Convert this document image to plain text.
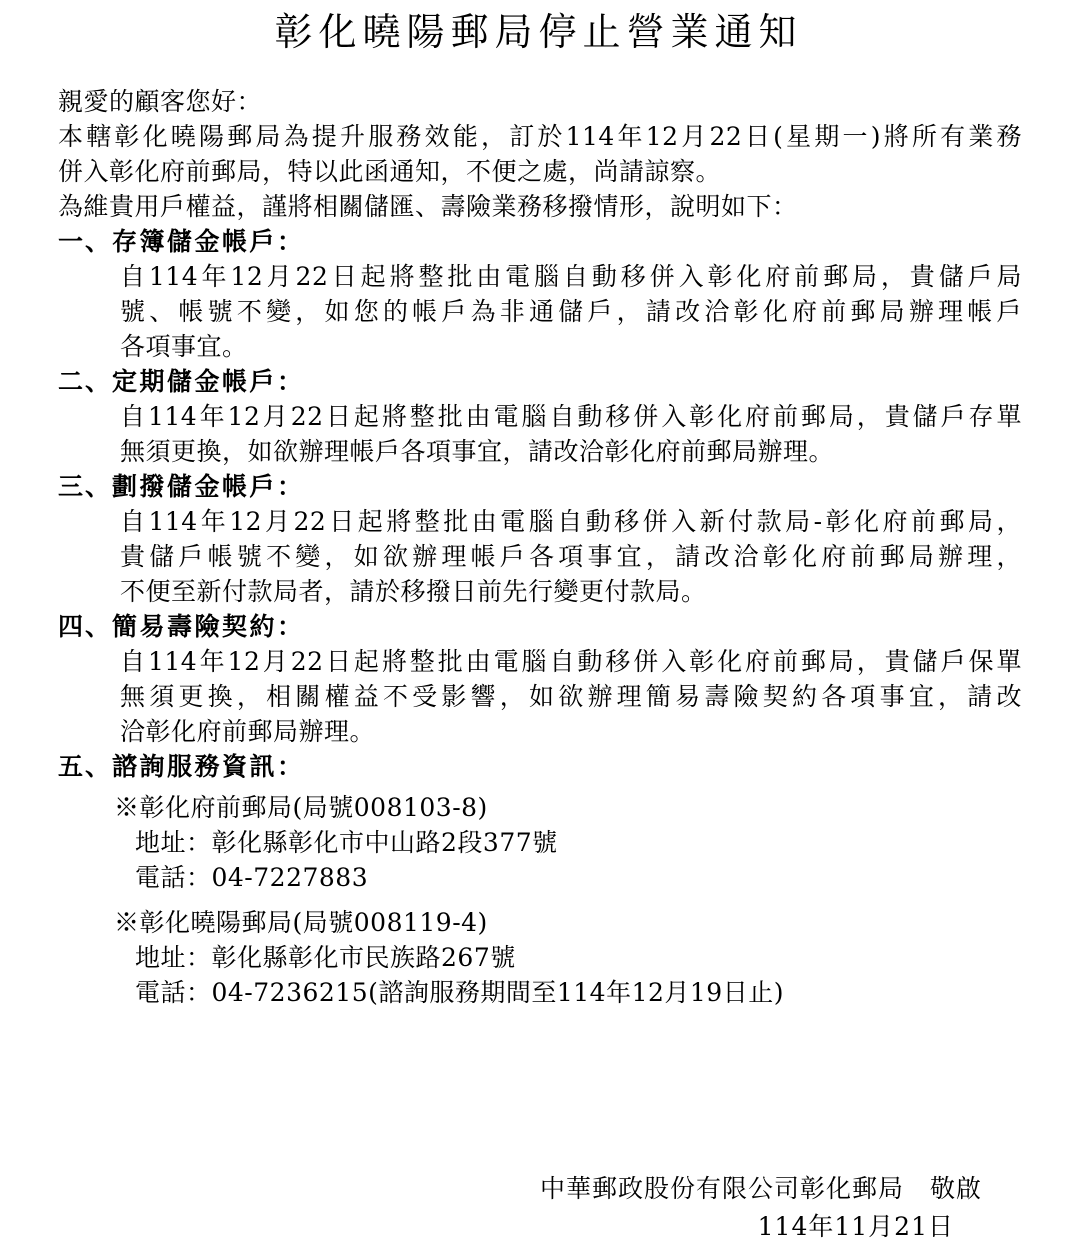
彰化曉陽郵局停止營業通知
親愛的顧客您好：
本轄彰化曉陽郵局為提升服務效能，訂於114年12月22日(星期一)將所有業務
併入彰化府前郵局，特以此函通知，不便之處，尚請諒察。
為維貴用戶權益，謹將相關儲匯、壽險業務移撥情形，說明如下：
一、 存簿儲金帳戶：
自114年12月22日起將整批由電腦自動移併入彰化府前郵局，貴儲戶局
號、帳號不變，如您的帳戶為非通儲戶，請改洽彰化府前郵局辦理帳戶
各項事宜。
二、 定期儲金帳戶：
自114年12月22日起將整批由電腦自動移併入彰化府前郵局，貴儲戶存單
無須更換，如欲辦理帳戶各項事宜，請改洽彰化府前郵局辦理。
三、 劃撥儲金帳戶：
自114年12月22日起將整批由電腦自動移併入新付款局-彰化府前郵局，
貴儲戶帳號不變，如欲辦理帳戶各項事宜，請改洽彰化府前郵局辦理，
不便至新付款局者，請於移撥日前先行變更付款局。
四、 簡易壽險契約：
自114年12月22日起將整批由電腦自動移併入彰化府前郵局，貴儲戶保單
無須更換，相關權益不受影響，如欲辦理簡易壽險契約各項事宜，請改
洽彰化府前郵局辦理。
五、 諮詢服務資訊：
※彰化府前郵局(局號008103-8)
地址：彰化縣彰化市中山路2段377號
電話：04-7227883
※彰化曉陽郵局(局號008119-4)
地址：彰化縣彰化市民族路267號
電話：04-7236215(諮詢服務期間至114年12月19日止)
中華郵政股份有限公司彰化郵局　敬啟
114年11月21日
